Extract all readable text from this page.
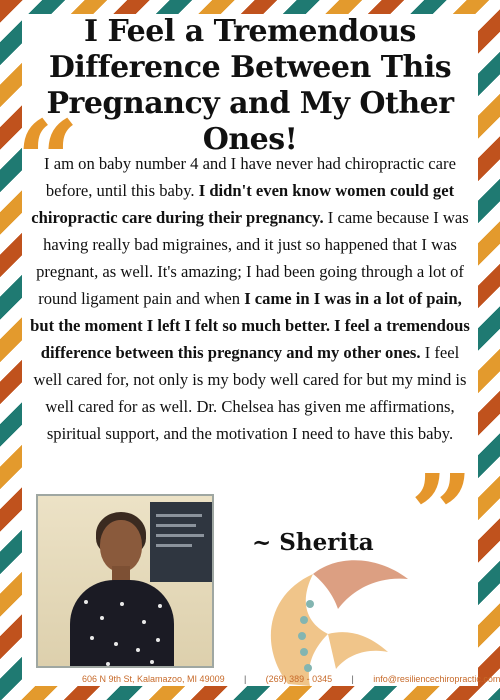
I Feel a Tremendous Difference Between This Pregnancy and My Other Ones!
“

I am on baby number 4 and I have never had chiropractic care before, until this baby. I didn't even know women could get chiropractic care during their pregnancy. I came because I was having really bad migraines, and it just so happened that I was pregnant, as well. It's amazing; I had been going through a lot of round ligament pain and when I came in I was in a lot of pain, but the moment I left I felt so much better. I feel a tremendous difference between this pregnancy and my other ones. I feel well cared for, not only is my body well cared for but my mind is well cared for as well. Dr. Chelsea has given me affirmations, spiritual support, and the motivation I need to have this baby.

”

~ Sherita

606 N 9th St, Kalamazoo, MI 49009 | (269) 389 - 0345 | info@resiliencechiropractic.com
